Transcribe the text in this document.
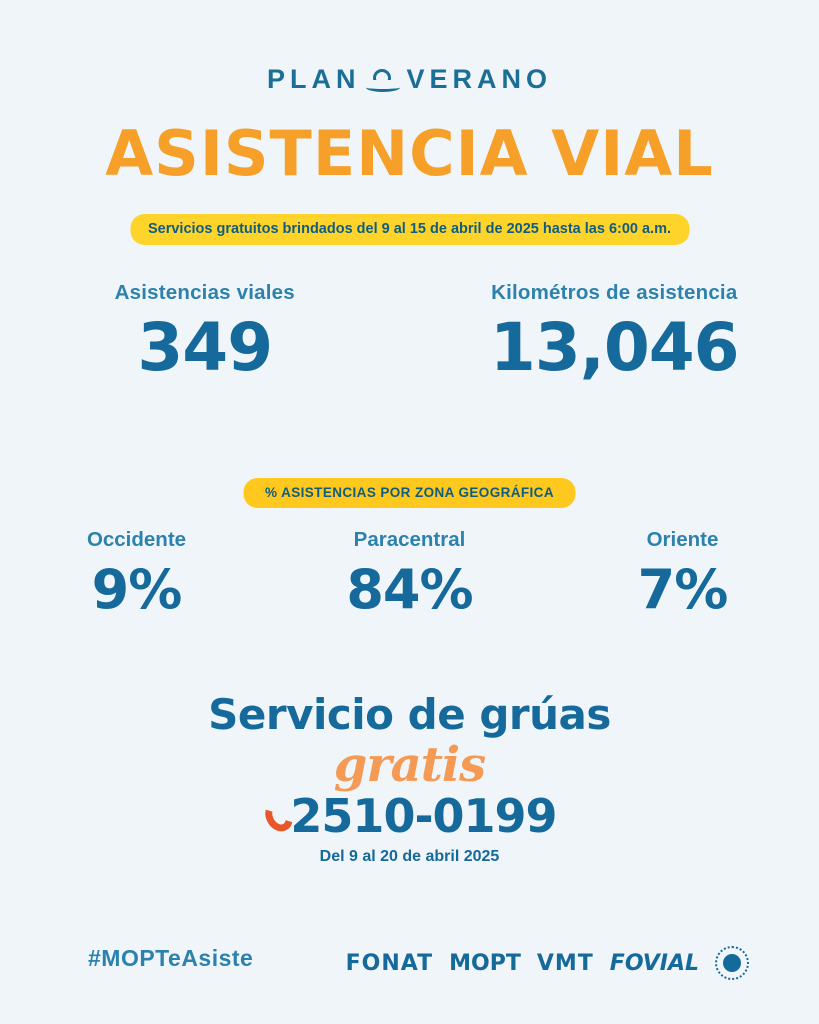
PLAN VERANO
ASISTENCIA VIAL
Servicios gratuitos brindados del 9 al 15 de abril de 2025 hasta las 6:00 a.m.
Asistencias viales
349
Kilométros de asistencia
13,046
% ASISTENCIAS POR ZONA GEOGRÁFICA
Occidente
9%
Paracentral
84%
Oriente
7%
Servicio de grúas
gratis
2510-0199
Del 9 al 20 de abril 2025
#MOPTeAsiste	FONAT MOPT VMT FOVIAL
